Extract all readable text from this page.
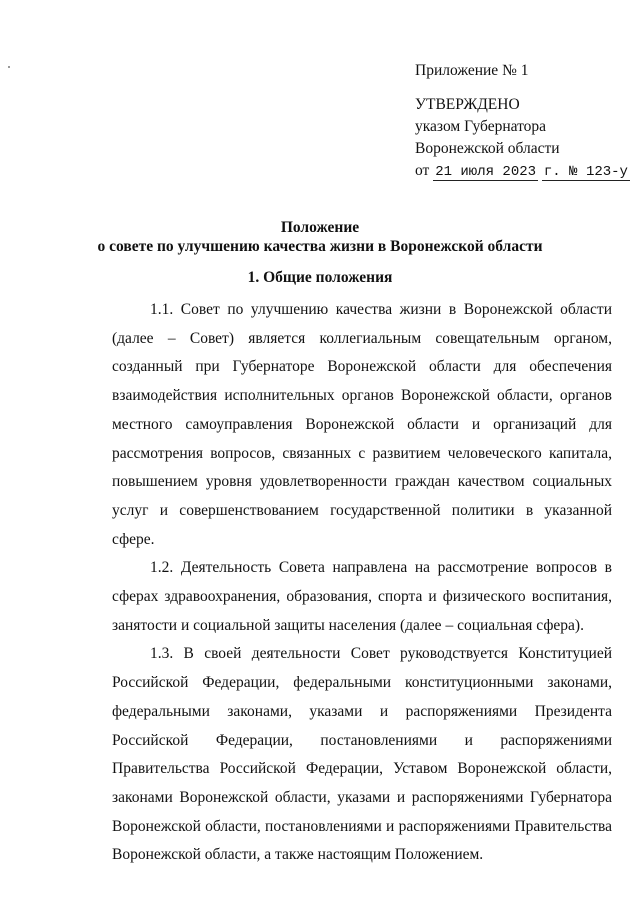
Приложение № 1
УТВЕРЖДЕНО
указом Губернатора
Воронежской области
от 21 июля 2023 г. № 123-у
Положение
о совете по улучшению качества жизни в Воронежской области
1. Общие положения

1.1. Совет по улучшению качества жизни в Воронежской области (далее – Совет) является коллегиальным совещательным органом, созданный при Губернаторе Воронежской области для обеспечения взаимодействия исполнительных органов Воронежской области, органов местного самоуправления Воронежской области и организаций для рассмотрения вопросов, связанных с развитием человеческого капитала, повышением уровня удовлетворенности граждан качеством социальных услуг и совершенствованием государственной политики в указанной сфере.

1.2. Деятельность Совета направлена на рассмотрение вопросов в сферах здравоохранения, образования, спорта и физического воспитания, занятости и социальной защиты населения (далее – социальная сфера).

1.3. В своей деятельности Совет руководствуется Конституцией Российской Федерации, федеральными конституционными законами, федеральными законами, указами и распоряжениями Президента Российской Федерации, постановлениями и распоряжениями Правительства Российской Федерации, Уставом Воронежской области, законами Воронежской области, указами и распоряжениями Губернатора Воронежской области, постановлениями и распоряжениями Правительства Воронежской области, а также настоящим Положением.
